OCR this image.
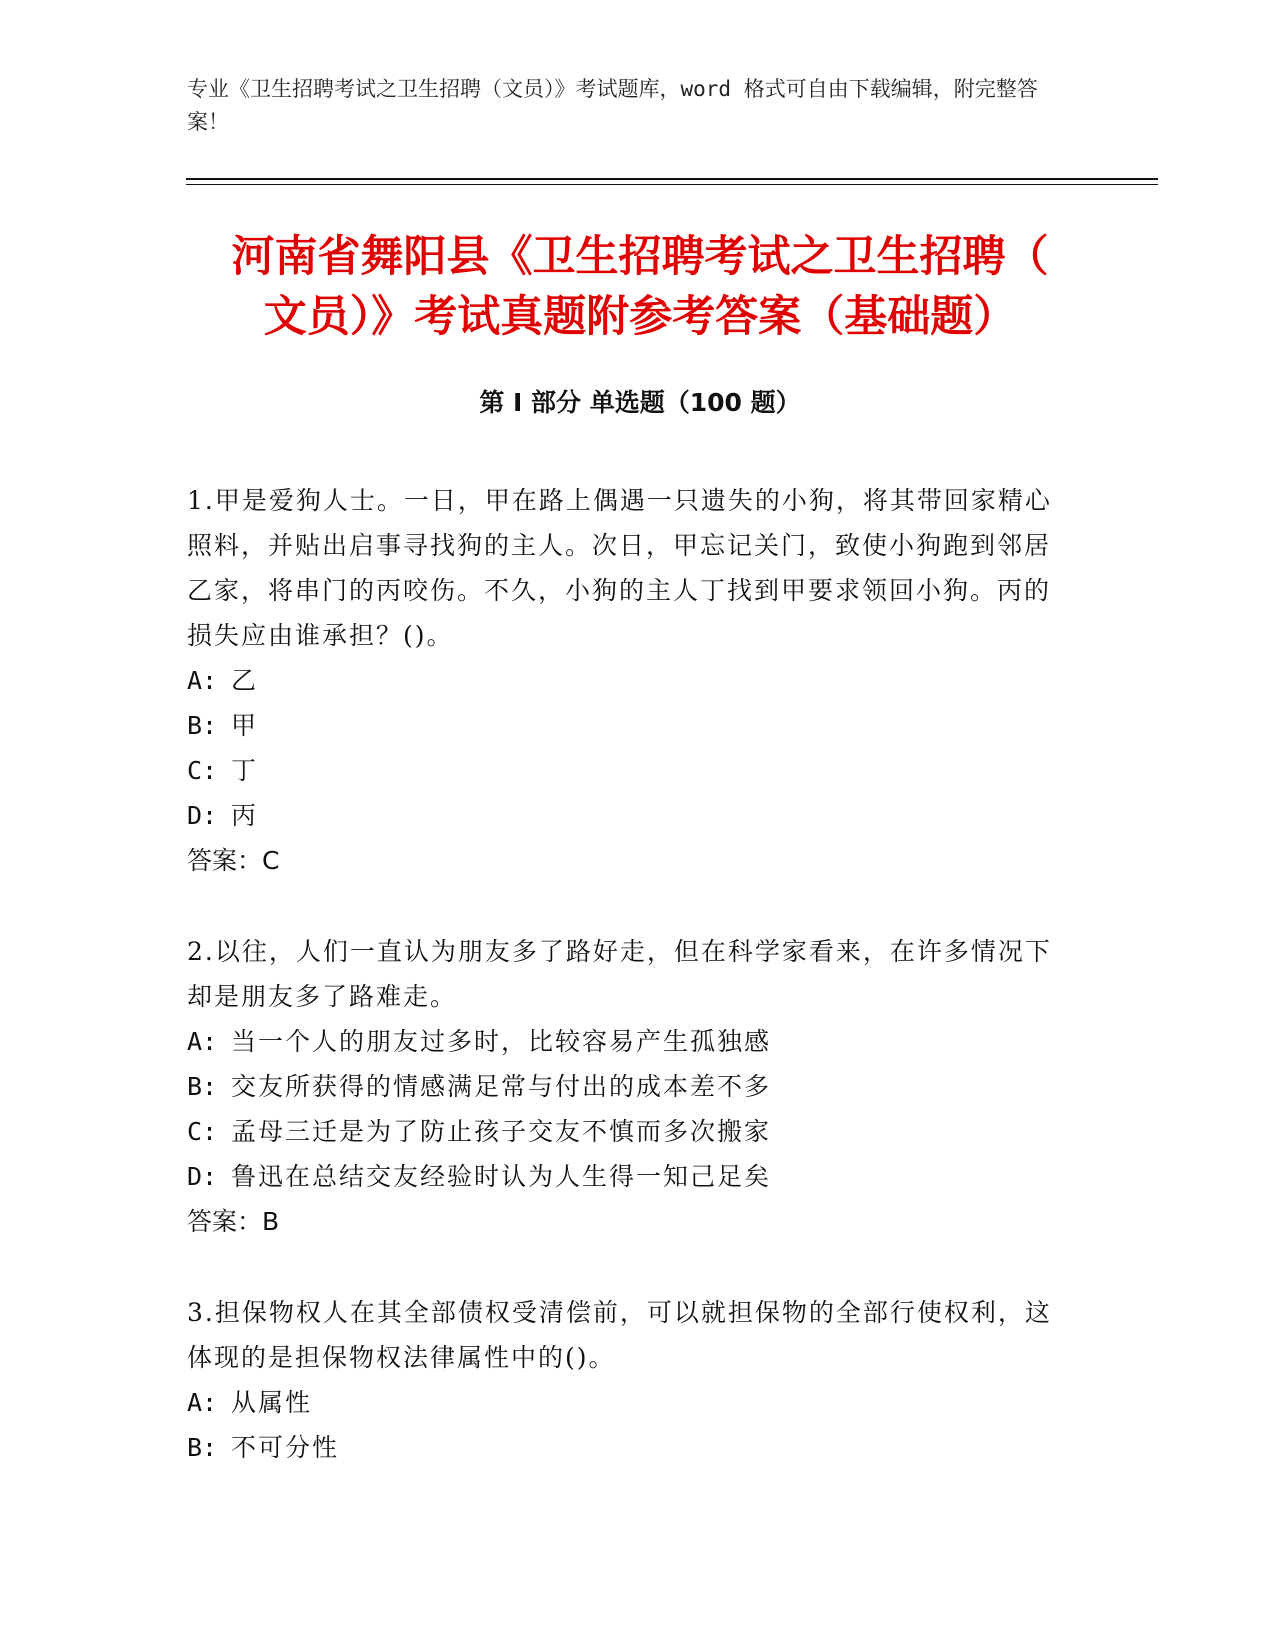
专业《卫生招聘考试之卫生招聘（文员）》考试题库，word 格式可自由下载编辑，附完整答案！

河南省舞阳县《卫生招聘考试之卫生招聘（
文员）》考试真题附参考答案（基础题）
第 I 部分 单选题（100 题）

1.甲是爱狗人士。一日，甲在路上偶遇一只遗失的小狗，将其带回家精心照料，并贴出启事寻找狗的主人。次日，甲忘记关门，致使小狗跑到邻居乙家，将串门的丙咬伤。不久，小狗的主人丁找到甲要求领回小狗。丙的损失应由谁承担？()。

A: 乙

B: 甲

C: 丁

D: 丙

答案：C

2.以往，人们一直认为朋友多了路好走，但在科学家看来，在许多情况下却是朋友多了路难走。

A: 当一个人的朋友过多时，比较容易产生孤独感

B: 交友所获得的情感满足常与付出的成本差不多

C: 孟母三迁是为了防止孩子交友不慎而多次搬家

D: 鲁迅在总结交友经验时认为人生得一知己足矣

答案：B

3.担保物权人在其全部债权受清偿前，可以就担保物的全部行使权利，这体现的是担保物权法律属性中的()。

A: 从属性

B: 不可分性
